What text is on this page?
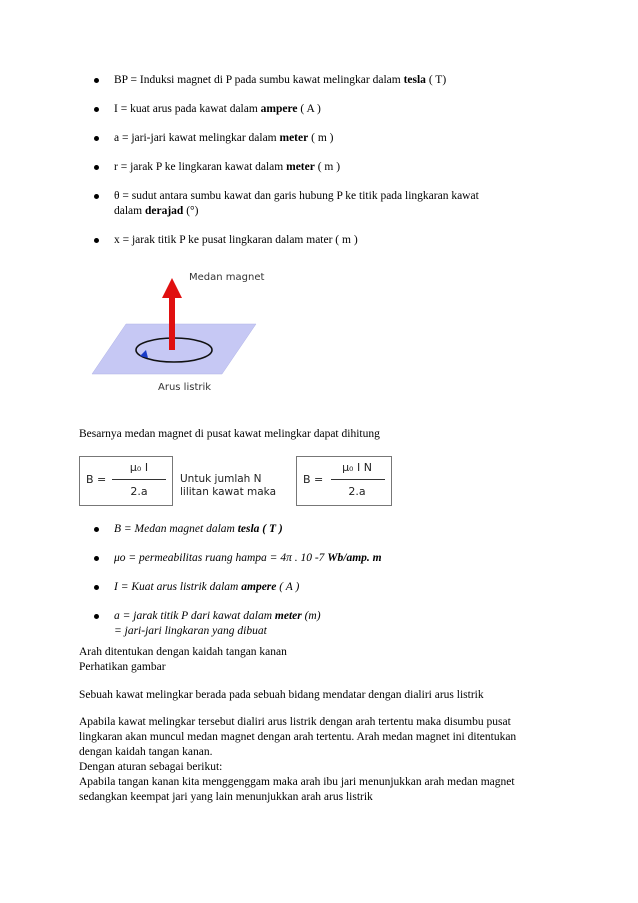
BP = Induksi magnet di P pada sumbu kawat melingkar dalam tesla ( T)
I = kuat arus pada kawat dalam ampere ( A )
a = jari-jari kawat melingkar dalam meter ( m )
r = jarak P ke lingkaran kawat dalam meter ( m )
θ = sudut antara sumbu kawat dan garis hubung P ke titik pada lingkaran kawat
dalam derajad (°)
x = jarak titik P ke pusat lingkaran dalam mater ( m )
Medan magnet
Arus listrik
Besarnya medan magnet di pusat kawat melingkar dapat dihitung
B =
μ₀ I
2.a
Untuk jumlah N
lilitan kawat maka
B =
μ₀ I N
2.a
B = Medan magnet dalam tesla ( T )
μo = permeabilitas ruang hampa = 4π . 10 -7 Wb/amp. m
I = Kuat arus listrik dalam ampere ( A )
a = jarak titik P dari kawat dalam meter (m)
= jari-jari lingkaran yang dibuat
Arah ditentukan dengan kaidah tangan kanan
Perhatikan gambar
Sebuah kawat melingkar berada pada sebuah bidang mendatar dengan dialiri arus listrik
Apabila kawat melingkar tersebut dialiri arus listrik dengan arah tertentu maka disumbu pusat
lingkaran akan muncul medan magnet dengan arah tertentu. Arah medan magnet ini ditentukan
dengan kaidah tangan kanan.
Dengan aturan sebagai berikut:
Apabila tangan kanan kita menggenggam maka arah ibu jari menunjukkan arah medan magnet
sedangkan keempat jari yang lain menunjukkan arah arus listrik
